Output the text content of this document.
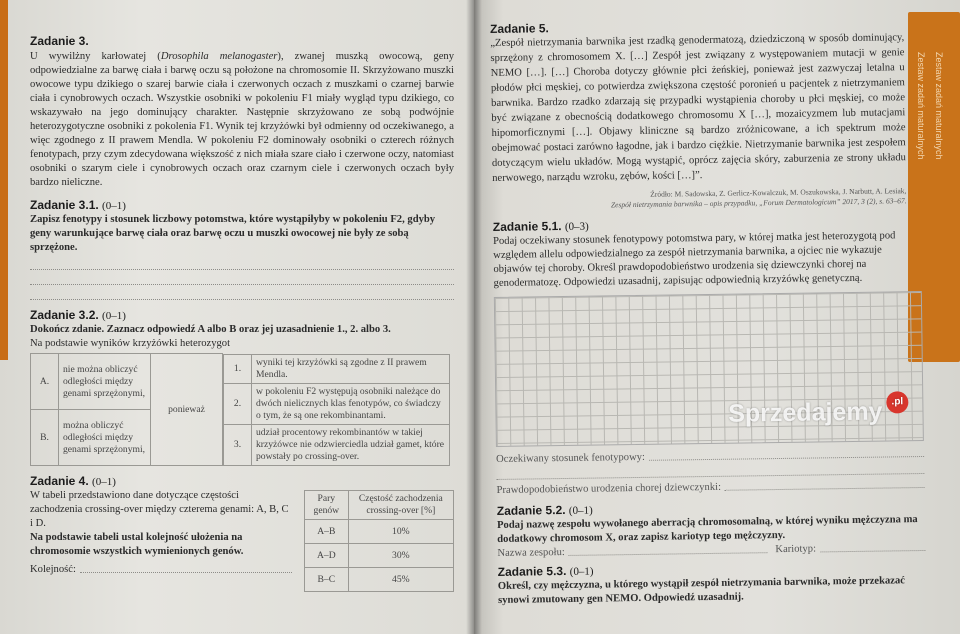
Zadanie 3.
U wywilżny karłowatej (Drosophila melanogaster), zwanej muszką owocową, geny odpowiedzialne za barwę ciała i barwę oczu są położone na chromosomie II. Skrzyżowano muszki owocowe typu dzikiego o szarej barwie ciała i czerwonych oczach z muszkami o czarnej barwie ciała i cynobrowych oczach. Wszystkie osobniki w pokoleniu F1 miały wygląd typu dzikiego, co wskazywało na jego dominujący charakter. Następnie skrzyżowano ze sobą podwójnie heterozygotyczne osobniki z pokolenia F1. Wynik tej krzyżówki był odmienny od oczekiwanego, a więc zgodnego z II prawem Mendla. W pokoleniu F2 dominowały osobniki o czterech różnych fenotypach, przy czym zdecydowana większość z nich miała szare ciało i czerwone oczy, natomiast osobniki o szarym ciele i cynobrowych oczach oraz czarnym ciele i czerwonych oczach były bardzo nieliczne.
Zadanie 3.1. (0–1)
Zapisz fenotypy i stosunek liczbowy potomstwa, które wystąpiłyby w pokoleniu F2, gdyby geny warunkujące barwę ciała oraz barwę oczu u muszki owocowej nie były ze sobą sprzężone.
Zadanie 3.2. (0–1)
Dokończ zdanie. Zaznacz odpowiedź A albo B oraz jej uzasadnienie 1., 2. albo 3.
Na podstawie wyników krzyżówki heterozygot
A.	nie można obliczyć odległości między genami sprzężonymi,	ponieważ	
1.	wyniki tej krzyżówki są zgodne z II prawem Mendla.
2.	w pokoleniu F2 występują osobniki należące do dwóch nielicznych klas fenotypów, co świadczy o tym, że są one rekombinantami.
3.	udział procentowy rekombinantów w takiej krzyżówce nie odzwierciedla udział gamet, które powstały po crossing-over.

B.	można obliczyć odległości między genami sprzężonymi,
Zadanie 4. (0–1)
W tabeli przedstawiono dane dotyczące częstości zachodzenia crossing-over między czterema genami: A, B, C i D.
Na podstawie tabeli ustal kolejność ułożenia na chromosomie wszystkich wymienionych genów.
Kolejność:
Pary genów	Częstość zachodzenia crossing-over [%]
A–B	10%
A–D	30%
B–C	45%
Zestaw zadań maturalnych Zestaw zadań maturalnych
Zadanie 5.
„Zespół nietrzymania barwnika jest rzadką genodermatozą, dziedziczoną w sposób dominujący, sprzężony z chromosomem X. […] Zespół jest związany z występowaniem mutacji w genie NEMO […]. […] Choroba dotyczy głównie płci żeńskiej, ponieważ jest zazwyczaj letalna u płodów płci męskiej, co potwierdza zwiększona częstość poronień u pacjentek z nietrzymaniem barwnika. Bardzo rzadko zdarzają się przypadki wystąpienia choroby u płci męskiej, co może być związane z obecnością dodatkowego chromosomu X […], mozaicyzmem lub mutacjami hipomorficznymi […]. Objawy kliniczne są bardzo zróżnicowane, a ich spektrum może obejmować postaci zarówno łagodne, jak i bardzo ciężkie. Nietrzymanie barwnika jest zespołem dotyczącym wielu układów. Mogą wystąpić, oprócz zajęcia skóry, zaburzenia ze strony układu nerwowego, narządu wzroku, zębów, kości […]”.
Źródło: M. Sadowska, Z. Gerlicz-Kowalczuk, M. Oszukowska, J. Narbutt, A. Lesiak,
Zespół nietrzymania barwnika – opis przypadku, „Forum Dermatologicum” 2017, 3 (2), s. 63–67.
Zadanie 5.1. (0–3)
Podaj oczekiwany stosunek fenotypowy potomstwa pary, w której matka jest heterozygotą pod względem allelu odpowiedzialnego za zespół nietrzymania barwnika, a ojciec nie wykazuje objawów tej choroby. Określ prawdopodobieństwo urodzenia się dziewczynki chorej na genodermatozę. Odpowiedzi uzasadnij, zapisując odpowiednią krzyżówkę genetyczną.
Sprzedajemy .pl
Oczekiwany stosunek fenotypowy:
Prawdopodobieństwo urodzenia chorej dziewczynki:
Zadanie 5.2. (0–1)
Podaj nazwę zespołu wywołanego aberracją chromosomalną, w której wyniku mężczyzna ma dodatkowy chromosom X, oraz zapisz kariotyp tego mężczyzny.
Nazwa zespołu:	Kariotyp:
Zadanie 5.3. (0–1)
Określ, czy mężczyzna, u którego wystąpił zespół nietrzymania barwnika, może przekazać synowi zmutowany gen NEMO. Odpowiedź uzasadnij.
